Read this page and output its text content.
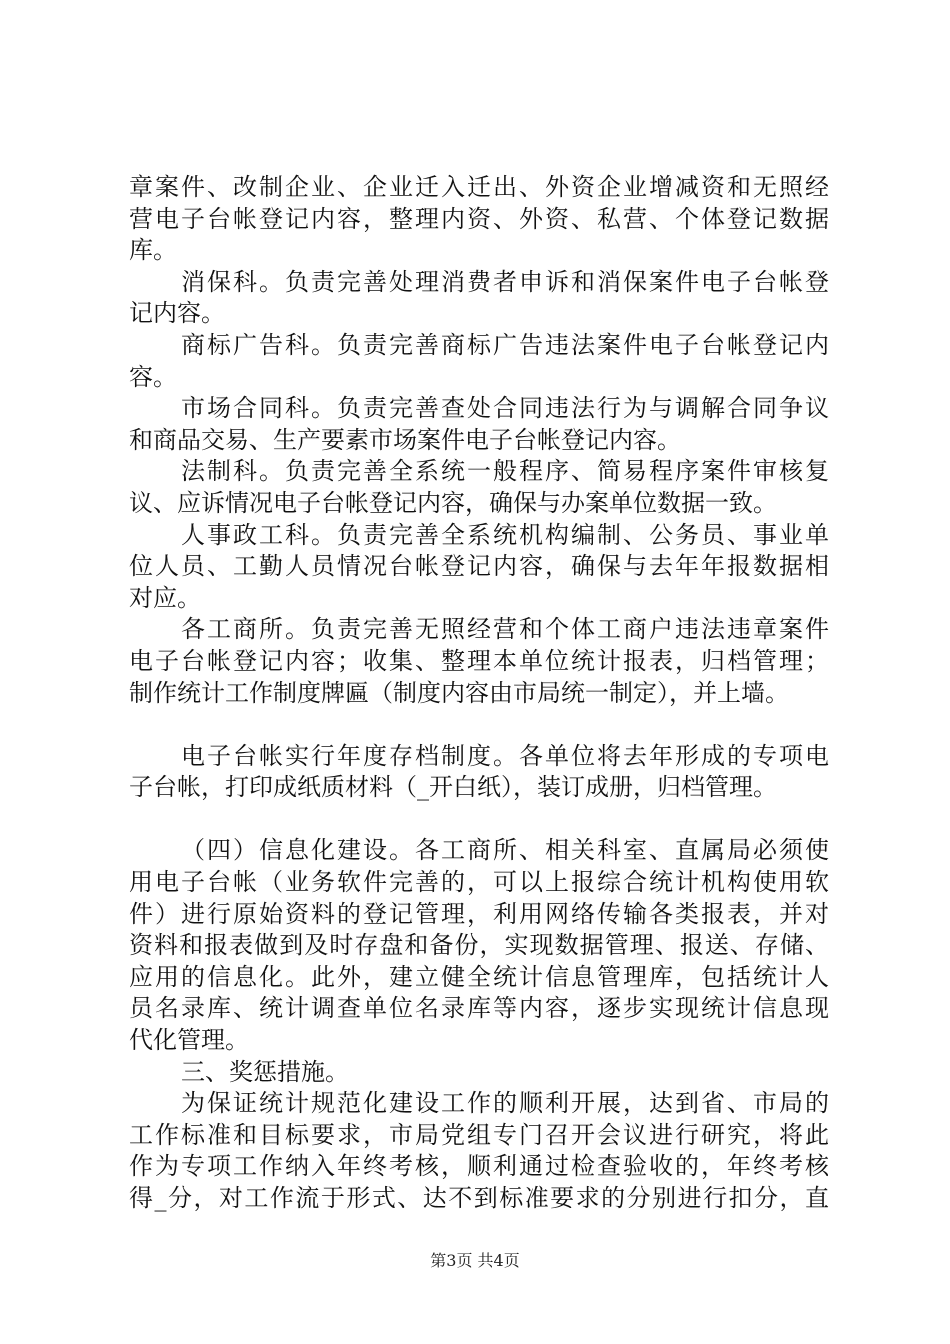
章案件、改制企业、企业迁入迁出、外资企业增减资和无照经
营电子台帐登记内容，整理内资、外资、私营、个体登记数据
库。
消保科。负责完善处理消费者申诉和消保案件电子台帐登
记内容。
商标广告科。负责完善商标广告违法案件电子台帐登记内
容。
市场合同科。负责完善查处合同违法行为与调解合同争议
和商品交易、生产要素市场案件电子台帐登记内容。
法制科。负责完善全系统一般程序、简易程序案件审核复
议、应诉情况电子台帐登记内容，确保与办案单位数据一致。
人事政工科。负责完善全系统机构编制、公务员、事业单
位人员、工勤人员情况台帐登记内容，确保与去年年报数据相
对应。
各工商所。负责完善无照经营和个体工商户违法违章案件
电子台帐登记内容；收集、整理本单位统计报表，归档管理；
制作统计工作制度牌匾（制度内容由市局统一制定），并上墙。
电子台帐实行年度存档制度。各单位将去年形成的专项电
子台帐，打印成纸质材料（_开白纸），装订成册，归档管理。
（四）信息化建设。各工商所、相关科室、直属局必须使
用电子台帐（业务软件完善的，可以上报综合统计机构使用软
件）进行原始资料的登记管理，利用网络传输各类报表，并对
资料和报表做到及时存盘和备份，实现数据管理、报送、存储、
应用的信息化。此外，建立健全统计信息管理库，包括统计人
员名录库、统计调查单位名录库等内容，逐步实现统计信息现
代化管理。
三、奖惩措施。
为保证统计规范化建设工作的顺利开展，达到省、市局的
工作标准和目标要求，市局党组专门召开会议进行研究，将此
作为专项工作纳入年终考核，顺利通过检查验收的，年终考核
得_分，对工作流于形式、达不到标准要求的分别进行扣分，直
第3页 共4页
